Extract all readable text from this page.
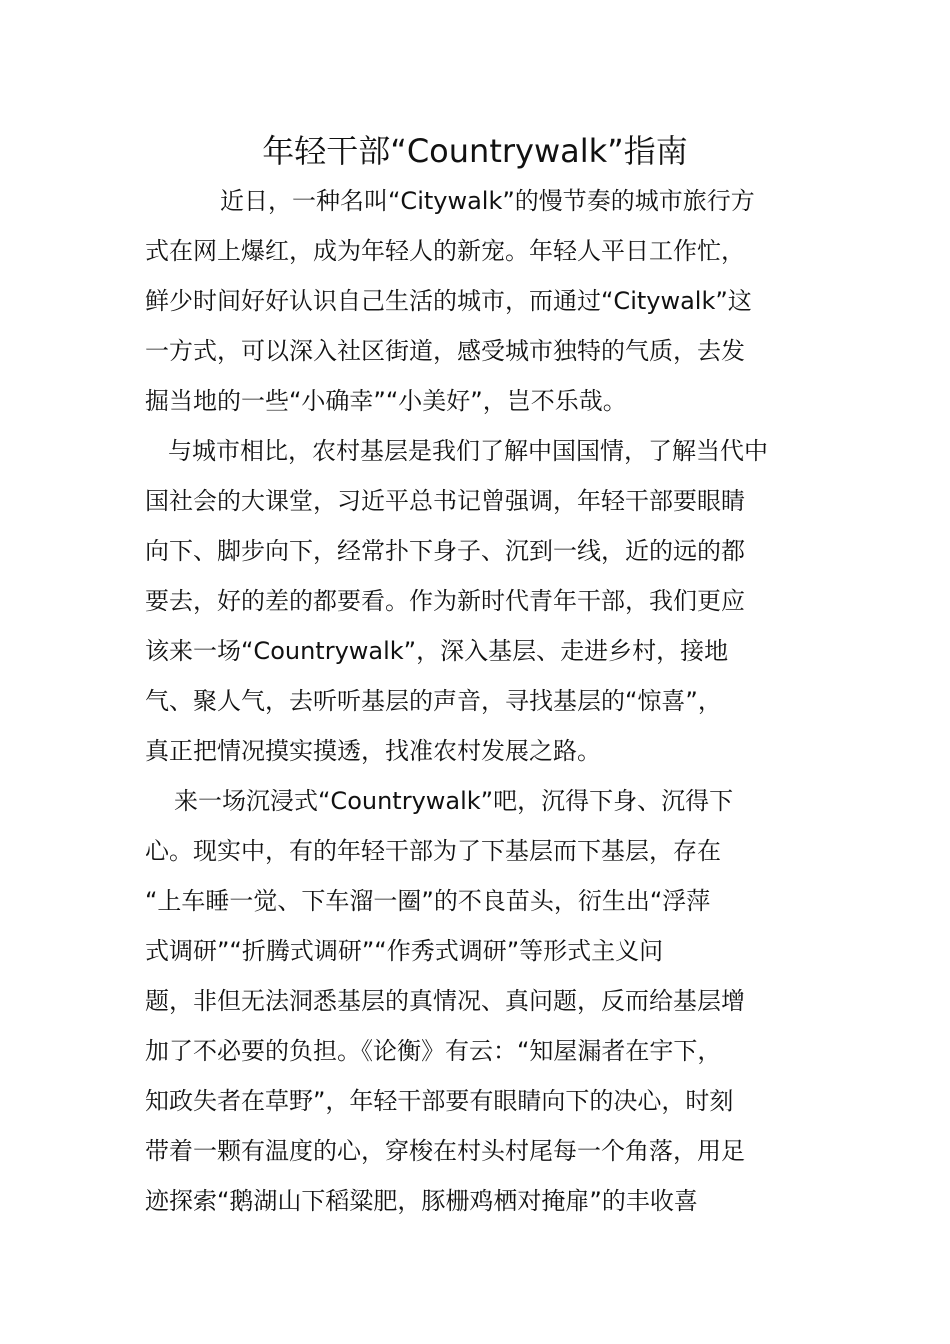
年轻干部“Countrywalk”指南

近日，一种名叫“Citywalk”的慢节奏的城市旅行方

式在网上爆红，成为年轻人的新宠。年轻人平日工作忙，

鲜少时间好好认识自己生活的城市，而通过“Citywalk”这

一方式，可以深入社区街道，感受城市独特的气质，去发

掘当地的一些“小确幸”“小美好”，岂不乐哉。

与城市相比，农村基层是我们了解中国国情，了解当代中

国社会的大课堂，习近平总书记曾强调，年轻干部要眼睛

向下、脚步向下，经常扑下身子、沉到一线，近的远的都

要去，好的差的都要看。作为新时代青年干部，我们更应

该来一场“Countrywalk”，深入基层、走进乡村，接地

气、聚人气，去听听基层的声音，寻找基层的“惊喜”，

真正把情况摸实摸透，找准农村发展之路。

来一场沉浸式“Countrywalk”吧，沉得下身、沉得下

心。现实中，有的年轻干部为了下基层而下基层，存在

“上车睡一觉、下车溜一圈”的不良苗头，衍生出“浮萍

式调研”“折腾式调研”“作秀式调研”等形式主义问

题，非但无法洞悉基层的真情况、真问题，反而给基层增

加了不必要的负担。《论衡》有云：“知屋漏者在宇下，

知政失者在草野”，年轻干部要有眼睛向下的决心，时刻

带着一颗有温度的心，穿梭在村头村尾每一个角落，用足

迹探索“鹅湖山下稻粱肥，豚栅鸡栖对掩扉”的丰收喜
